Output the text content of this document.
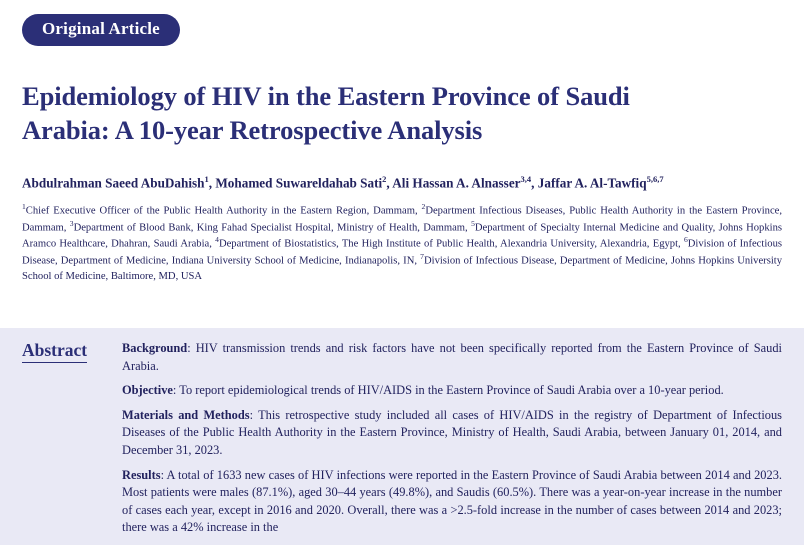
Original Article
Epidemiology of HIV in the Eastern Province of Saudi Arabia: A 10-year Retrospective Analysis
Abdulrahman Saeed AbuDahish$^1$, Mohamed Suwareldahab Sati$^2$, Ali Hassan A. Alnasser$^{3,4}$, Jaffar A. Al-Tawfiq$^{5,6,7}$
$^1$Chief Executive Officer of the Public Health Authority in the Eastern Region, Dammam, $^2$Department Infectious Diseases, Public Health Authority in the Eastern Province, Dammam, $^3$Department of Blood Bank, King Fahad Specialist Hospital, Ministry of Health, Dammam, $^5$Department of Specialty Internal Medicine and Quality, Johns Hopkins Aramco Healthcare, Dhahran, Saudi Arabia, $^4$Department of Biostatistics, The High Institute of Public Health, Alexandria University, Alexandria, Egypt, $^6$Division of Infectious Disease, Department of Medicine, Indiana University School of Medicine, Indianapolis, IN, $^7$Division of Infectious Disease, Department of Medicine, Johns Hopkins University School of Medicine, Baltimore, MD, USA
Abstract	Background: HIV transmission trends and risk factors have not been specifically reported from the Eastern Province of Saudi Arabia.

Objective: To report epidemiological trends of HIV/AIDS in the Eastern Province of Saudi Arabia over a 10-year period.

Materials and Methods: This retrospective study included all cases of HIV/AIDS in the registry of Department of Infectious Diseases of the Public Health Authority in the Eastern Province, Ministry of Health, Saudi Arabia, between January 01, 2014, and December 31, 2023.

Results: A total of 1633 new cases of HIV infections were reported in the Eastern Province of Saudi Arabia between 2014 and 2023. Most patients were males (87.1%), aged 30–44 years (49.8%), and Saudis (60.5%). There was a year-on-year increase in the number of cases each year, except in 2016 and 2020. Overall, there was a >2.5-fold increase in the number of cases between 2014 and 2023; there was a 42% increase in the
